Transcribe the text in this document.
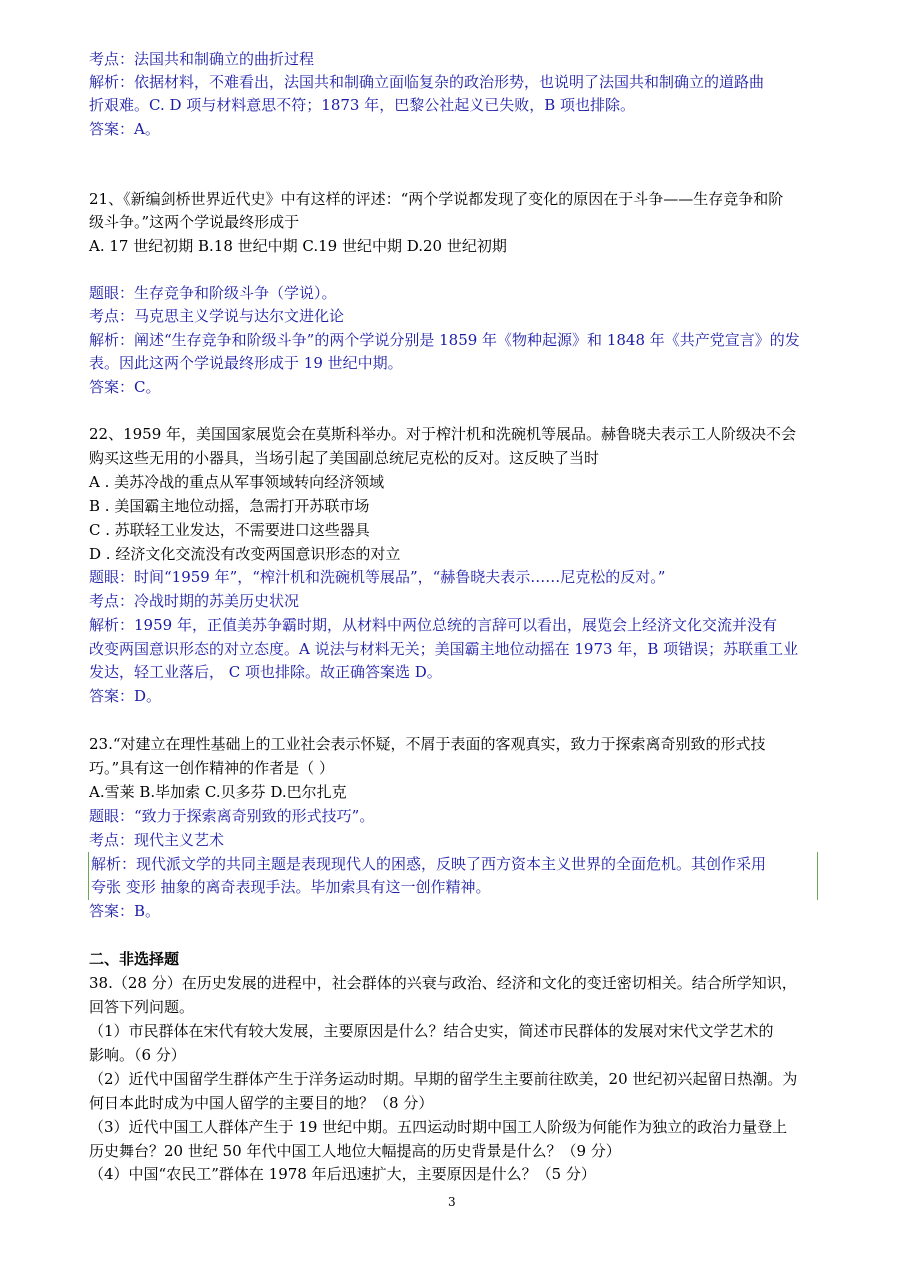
考点：法国共和制确立的曲折过程
解析：依据材料，不难看出，法国共和制确立面临复杂的政治形势，也说明了法国共和制确立的道路曲
折艰难。C. D 项与材料意思不符；1873 年，巴黎公社起义已失败，B 项也排除。
答案：A。
21、《新编剑桥世界近代史》中有这样的评述：“两个学说都发现了变化的原因在于斗争——生存竞争和阶
级斗争。”这两个学说最终形成于
A. 17 世纪初期 B.18 世纪中期 C.19 世纪中期 D.20 世纪初期
题眼：生存竞争和阶级斗争（学说）。
考点：马克思主义学说与达尔文进化论
解析：阐述“生存竞争和阶级斗争”的两个学说分别是 1859 年《物种起源》和 1848 年《共产党宣言》的发
表。因此这两个学说最终形成于 19 世纪中期。
答案：C。
22、1959 年，美国国家展览会在莫斯科举办。对于榨汁机和洗碗机等展品。赫鲁晓夫表示工人阶级决不会
购买这些无用的小器具，当场引起了美国副总统尼克松的反对。这反映了当时
A . 美苏冷战的重点从军事领域转向经济领域
B . 美国霸主地位动摇，急需打开苏联市场
C . 苏联轻工业发达，不需要进口这些器具
D . 经济文化交流没有改变两国意识形态的对立
题眼：时间“1959 年”，“榨汁机和洗碗机等展品”，“赫鲁晓夫表示……尼克松的反对。”
考点：冷战时期的苏美历史状况
解析：1959 年，正值美苏争霸时期，从材料中两位总统的言辞可以看出，展览会上经济文化交流并没有
改变两国意识形态的对立态度。A 说法与材料无关；美国霸主地位动摇在 1973 年，B 项错误；苏联重工业
发达，轻工业落后， C 项也排除。故正确答案选 D。
答案：D。
23.“对建立在理性基础上的工业社会表示怀疑，不屑于表面的客观真实，致力于探索离奇别致的形式技
巧。”具有这一创作精神的作者是（ ）
A.雪莱 B.毕加索 C.贝多芬 D.巴尔扎克
题眼：“致力于探索离奇别致的形式技巧”。
考点：现代主义艺术
解析：现代派文学的共同主题是表现现代人的困惑，反映了西方资本主义世界的全面危机。其创作采用
夸张 变形 抽象的离奇表现手法。毕加索具有这一创作精神。
答案：B。
二、非选择题
38.（28 分）在历史发展的进程中，社会群体的兴衰与政治、经济和文化的变迁密切相关。结合所学知识，
回答下列问题。
（1）市民群体在宋代有较大发展，主要原因是什么？结合史实，简述市民群体的发展对宋代文学艺术的
影响。（6 分）
（2）近代中国留学生群体产生于洋务运动时期。早期的留学生主要前往欧美，20 世纪初兴起留日热潮。为
何日本此时成为中国人留学的主要目的地？（8 分）
（3）近代中国工人群体产生于 19 世纪中期。五四运动时期中国工人阶级为何能作为独立的政治力量登上
历史舞台？20 世纪 50 年代中国工人地位大幅提高的历史背景是什么？（9 分）
（4）中国“农民工”群体在 1978 年后迅速扩大，主要原因是什么？（5 分）
3
